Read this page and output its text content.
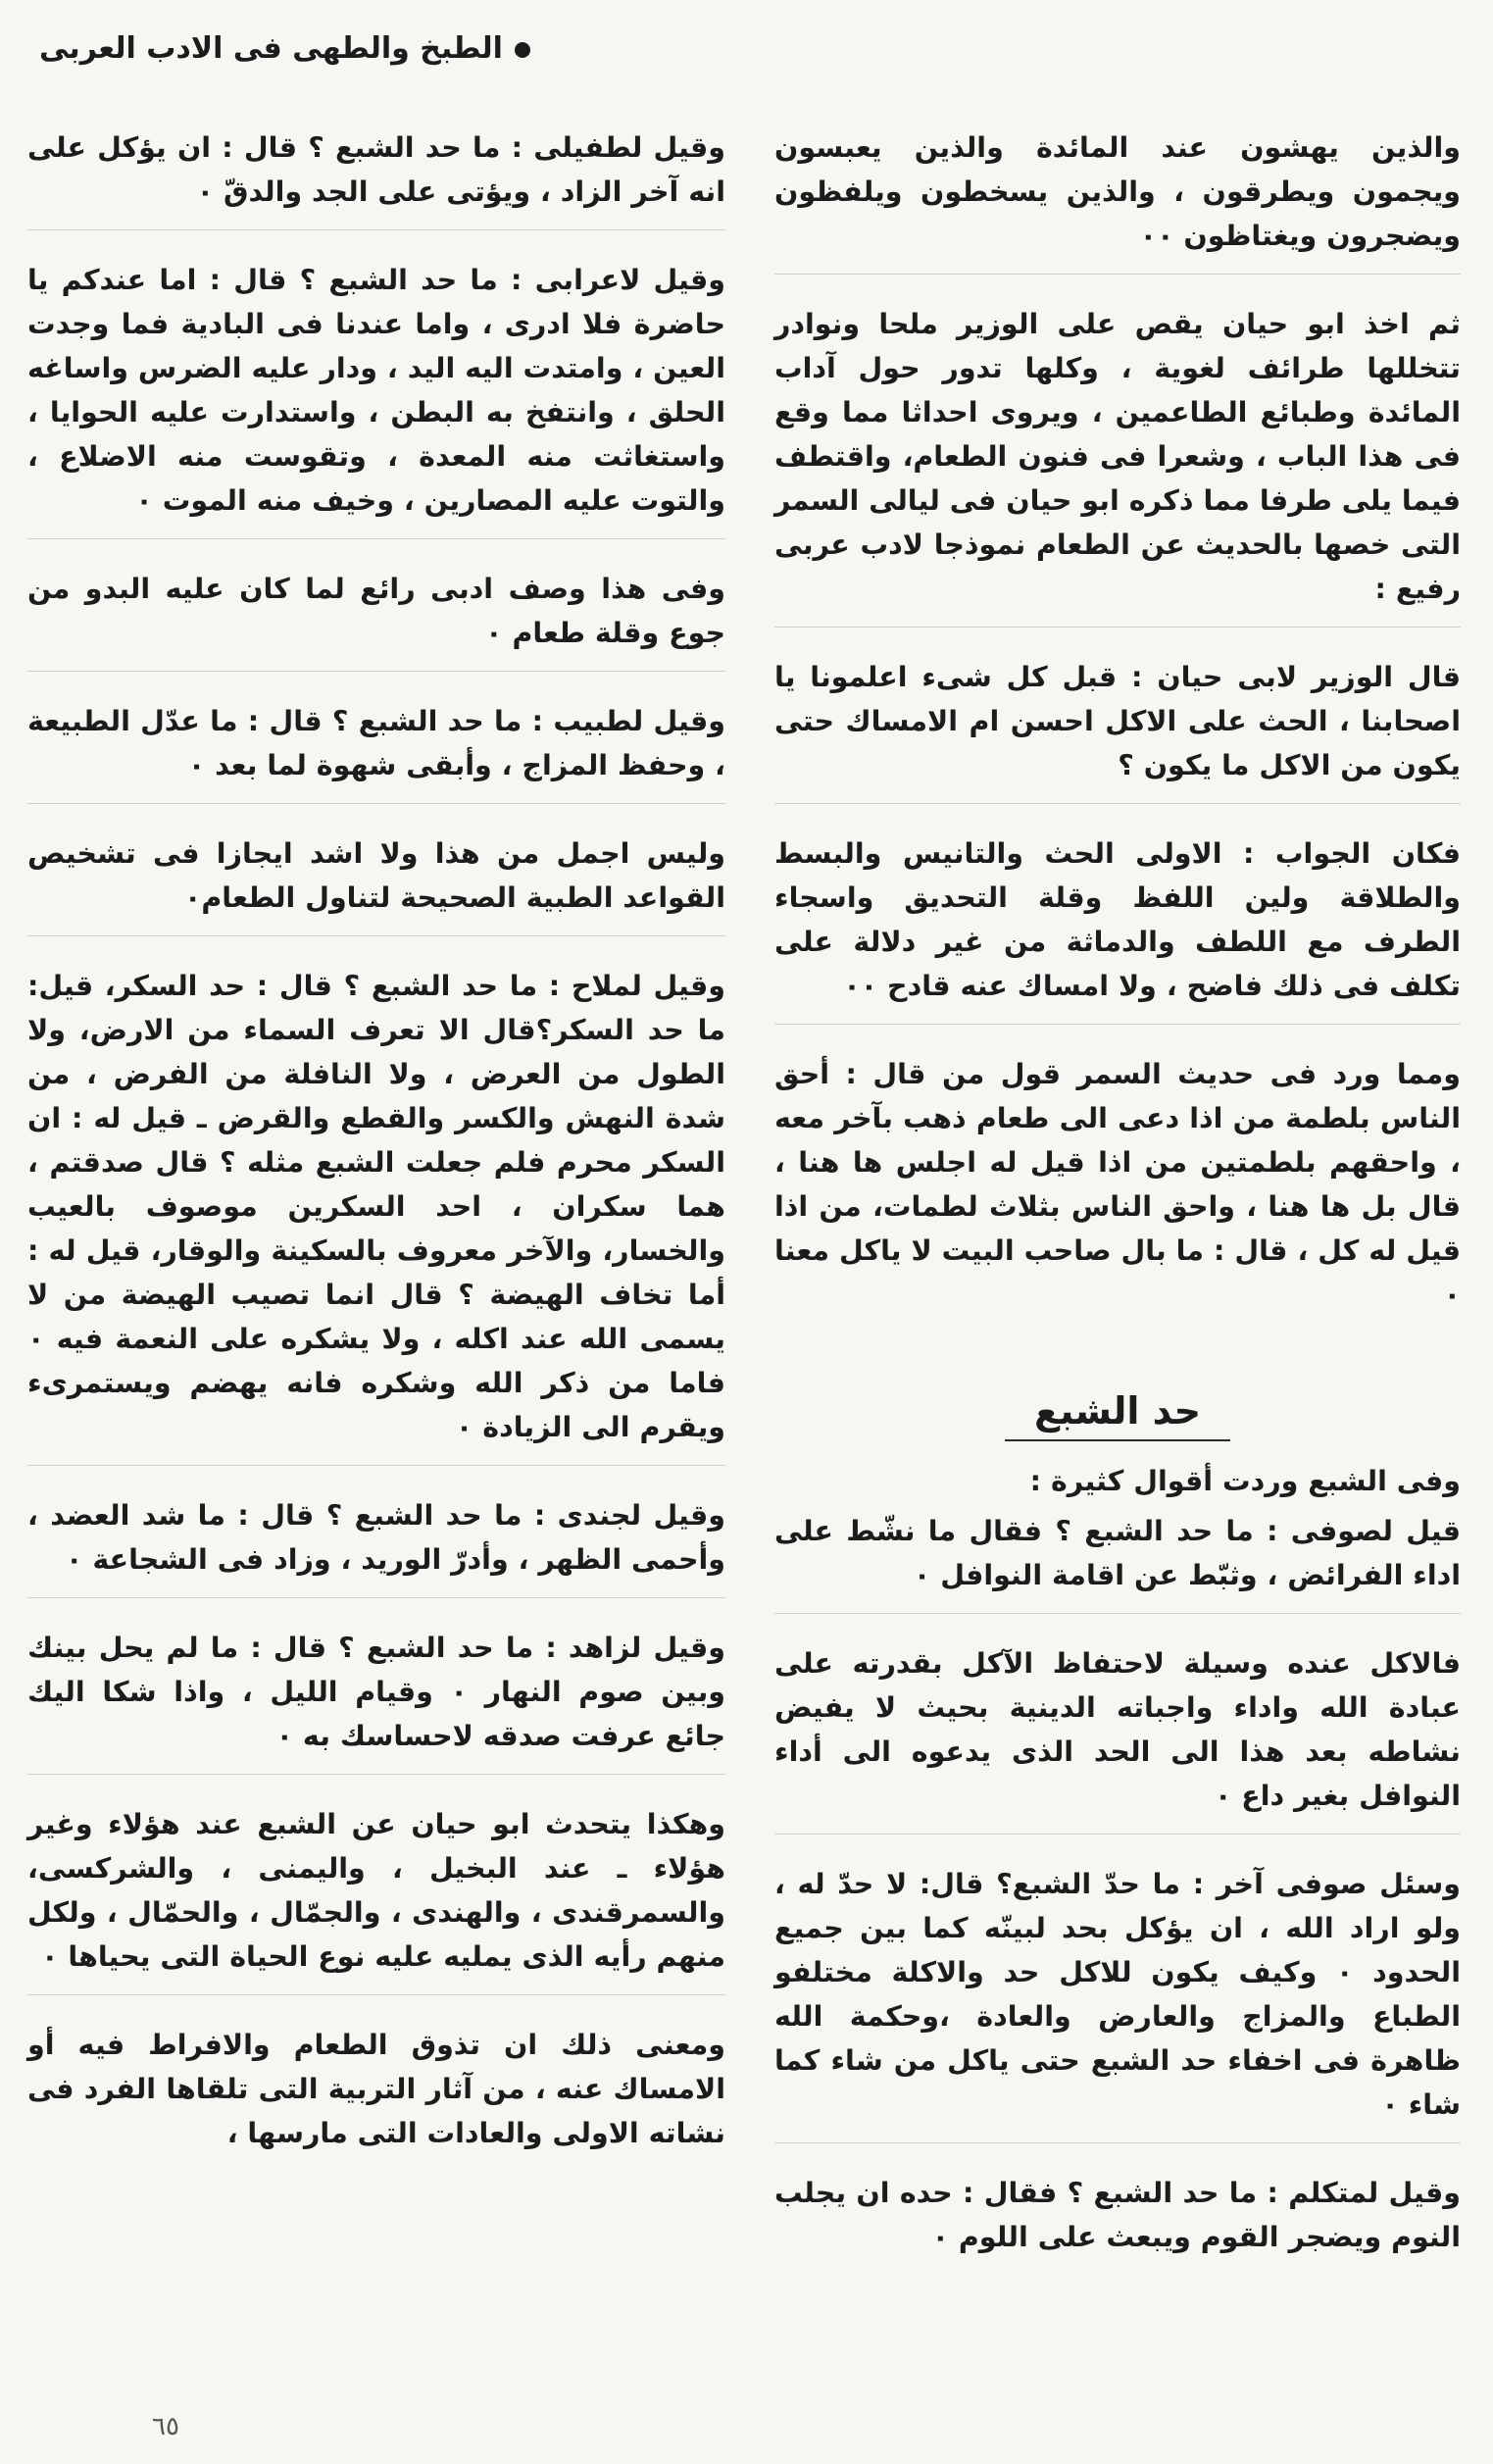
الطبخ والطهى فى الادب العربى

والذين يهشون عند المائدة والذين يعبسون ويجمون ويطرقون ، والذين يسخطون ويلفظون ويضجرون ويغتاظون ٠٠

ثم اخذ ابو حيان يقص على الوزير ملحا ونوادر تتخللها طرائف لغوية ، وكلها تدور حول آداب المائدة وطبائع الطاعمين ، ويروى احداثا مما وقع فى هذا الباب ، وشعرا فى فنون الطعام، واقتطف فيما يلى طرفا مما ذكره ابو حيان فى ليالى السمر التى خصها بالحديث عن الطعام نموذجا لادب عربى رفيع :

قال الوزير لابى حيان : قبل كل شىء اعلمونا يا اصحابنا ، الحث على الاكل احسن ام الامساك حتى يكون من الاكل ما يكون ؟

فكان الجواب : الاولى الحث والتانيس والبسط والطلاقة ولين اللفظ وقلة التحديق واسجاء الطرف مع اللطف والدماثة من غير دلالة على تكلف فى ذلك فاضح ، ولا امساك عنه قادح ٠٠

ومما ورد فى حديث السمر قول من قال : أحق الناس بلطمة من اذا دعى الى طعام ذهب بآخر معه ، واحقهم بلطمتين من اذا قيل له اجلس ها هنا ، قال بل ها هنا ، واحق الناس بثلاث لطمات، من اذا قيل له كل ، قال : ما بال صاحب البيت لا ياكل معنا ٠

حد الشبع

وفى الشبع وردت أقوال كثيرة :

قيل لصوفى : ما حد الشبع ؟ فقال ما نشّط على اداء الفرائض ، وثبّط عن اقامة النوافل ٠

فالاكل عنده وسيلة لاحتفاظ الآكل بقدرته على عبادة الله واداء واجباته الدينية بحيث لا يفيض نشاطه بعد هذا الى الحد الذى يدعوه الى أداء النوافل بغير داع ٠

وسئل صوفى آخر : ما حدّ الشبع؟ قال: لا حدّ له ، ولو اراد الله ، ان يؤكل بحد لبينّه كما بين جميع الحدود ٠ وكيف يكون للاكل حد والاكلة مختلفو الطباع والمزاج والعارض والعادة ،وحكمة الله ظاهرة فى اخفاء حد الشبع حتى ياكل من شاء كما شاء ٠

وقيل لمتكلم : ما حد الشبع ؟ فقال : حده ان يجلب النوم ويضجر القوم ويبعث على اللوم ٠

وقيل لطفيلى : ما حد الشبع ؟ قال : ان يؤكل على انه آخر الزاد ، ويؤتى على الجد والدقّ ٠

وقيل لاعرابى : ما حد الشبع ؟ قال : اما عندكم يا حاضرة فلا ادرى ، واما عندنا فى البادية فما وجدت العين ، وامتدت اليه اليد ، ودار عليه الضرس واساغه الحلق ، وانتفخ به البطن ، واستدارت عليه الحوايا ، واستغاثت منه المعدة ، وتقوست منه الاضلاع ، والتوت عليه المصارين ، وخيف منه الموت ٠

وفى هذا وصف ادبى رائع لما كان عليه البدو من جوع وقلة طعام ٠

وقيل لطبيب : ما حد الشبع ؟ قال : ما عدّل الطبيعة ، وحفظ المزاج ، وأبقى شهوة لما بعد ٠

وليس اجمل من هذا ولا اشد ايجازا فى تشخيص القواعد الطبية الصحيحة لتناول الطعام٠

وقيل لملاح : ما حد الشبع ؟ قال : حد السكر، قيل: ما حد السكر؟قال الا تعرف السماء من الارض، ولا الطول من العرض ، ولا النافلة من الفرض ، من شدة النهش والكسر والقطع والقرض ـ قيل له : ان السكر محرم فلم جعلت الشبع مثله ؟ قال صدقتم ، هما سكران ، احد السكرين موصوف بالعيب والخسار، والآخر معروف بالسكينة والوقار، قيل له : أما تخاف الهيضة ؟ قال انما تصيب الهيضة من لا يسمى الله عند اكله ، ولا يشكره على النعمة فيه ٠ فاما من ذكر الله وشكره فانه يهضم ويستمرىء ويقرم الى الزيادة ٠

وقيل لجندى : ما حد الشبع ؟ قال : ما شد العضد ، وأحمى الظهر ، وأدرّ الوريد ، وزاد فى الشجاعة ٠

وقيل لزاهد : ما حد الشبع ؟ قال : ما لم يحل بينك وبين صوم النهار ٠ وقيام الليل ، واذا شكا اليك جائع عرفت صدقه لاحساسك به ٠

وهكذا يتحدث ابو حيان عن الشبع عند هؤلاء وغير هؤلاء ـ عند البخيل ، واليمنى ، والشركسى، والسمرقندى ، والهندى ، والجمّال ، والحمّال ، ولكل منهم رأيه الذى يمليه عليه نوع الحياة التى يحياها ٠

ومعنى ذلك ان تذوق الطعام والافراط فيه أو الامساك عنه ، من آثار التربية التى تلقاها الفرد فى نشاته الاولى والعادات التى مارسها ،

٦٥
